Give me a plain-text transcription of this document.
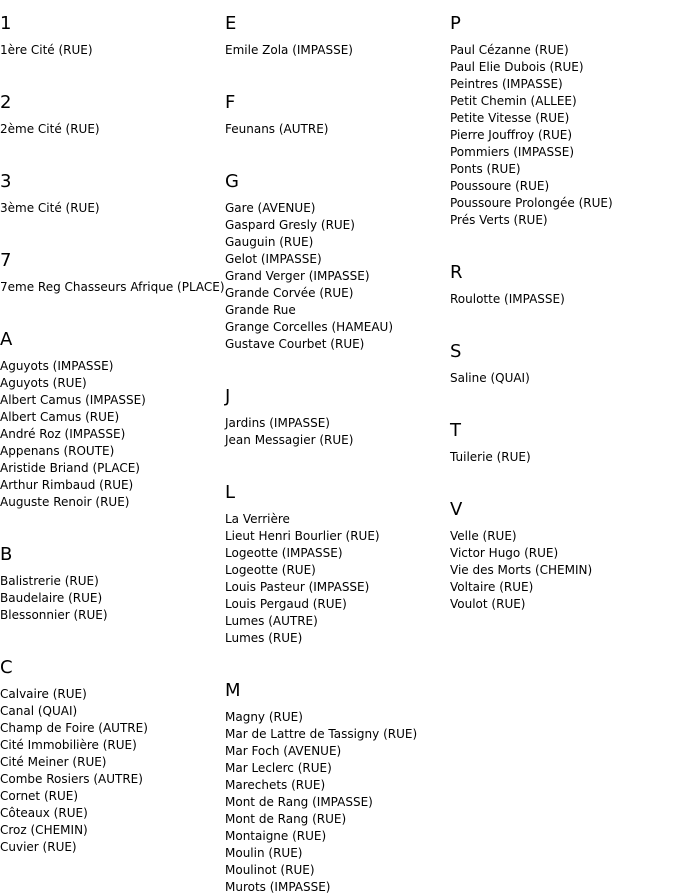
1
1ère Cité (RUE)
2
2ème Cité (RUE)
3
3ème Cité (RUE)
7
7eme Reg Chasseurs Afrique (PLACE)
A
Aguyots (IMPASSE)
Aguyots (RUE)
Albert Camus (IMPASSE)
Albert Camus (RUE)
André Roz (IMPASSE)
Appenans (ROUTE)
Aristide Briand (PLACE)
Arthur Rimbaud (RUE)
Auguste Renoir (RUE)
B
Balistrerie (RUE)
Baudelaire (RUE)
Blessonnier (RUE)
C
Calvaire (RUE)
Canal (QUAI)
Champ de Foire (AUTRE)
Cité Immobilière (RUE)
Cité Meiner (RUE)
Combe Rosiers (AUTRE)
Cornet (RUE)
Côteaux (RUE)
Croz (CHEMIN)
Cuvier (RUE)
E
Emile Zola (IMPASSE)
F
Feunans (AUTRE)
G
Gare (AVENUE)
Gaspard Gresly (RUE)
Gauguin (RUE)
Gelot (IMPASSE)
Grand Verger (IMPASSE)
Grande Corvée (RUE)
Grande Rue
Grange Corcelles (HAMEAU)
Gustave Courbet (RUE)
J
Jardins (IMPASSE)
Jean Messagier (RUE)
L
La Verrière
Lieut Henri Bourlier (RUE)
Logeotte (IMPASSE)
Logeotte (RUE)
Louis Pasteur (IMPASSE)
Louis Pergaud (RUE)
Lumes (AUTRE)
Lumes (RUE)
M
Magny (RUE)
Mar de Lattre de Tassigny (RUE)
Mar Foch (AVENUE)
Mar Leclerc (RUE)
Marechets (RUE)
Mont de Rang (IMPASSE)
Mont de Rang (RUE)
Montaigne (RUE)
Moulin (RUE)
Moulinot (RUE)
Murots (IMPASSE)
P
Paul Cézanne (RUE)
Paul Elie Dubois (RUE)
Peintres (IMPASSE)
Petit Chemin (ALLEE)
Petite Vitesse (RUE)
Pierre Jouffroy (RUE)
Pommiers (IMPASSE)
Ponts (RUE)
Poussoure (RUE)
Poussoure Prolongée (RUE)
Prés Verts (RUE)
R
Roulotte (IMPASSE)
S
Saline (QUAI)
T
Tuilerie (RUE)
V
Velle (RUE)
Victor Hugo (RUE)
Vie des Morts (CHEMIN)
Voltaire (RUE)
Voulot (RUE)
